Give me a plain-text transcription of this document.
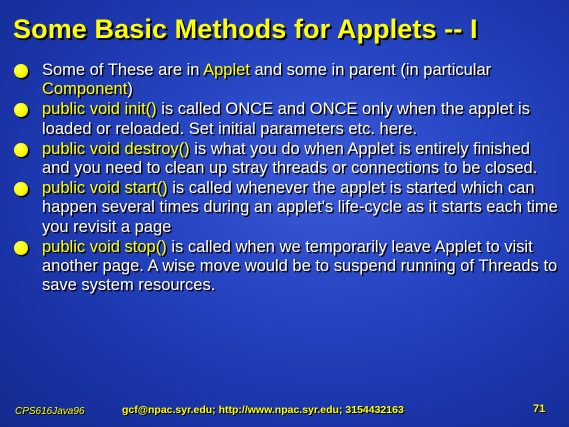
Some Basic Methods for Applets -- I
Some of These are in Applet and some in parent (in particular Component)
public void init() is called ONCE and ONCE only when the applet is loaded or reloaded. Set initial parameters etc. here.
public void destroy() is what you do when Applet is entirely finished and you need to clean up stray threads or connections to be closed.
public void start() is called whenever the applet is started which can happen several times during an applet's life-cycle as it starts each time you revisit a page
public void stop() is called when we temporarily leave Applet to visit another page. A wise move would be to suspend running of Threads to save system resources.
CPS616Java96	gcf@npac.syr.edu; http://www.npac.syr.edu; 3154432163	71
